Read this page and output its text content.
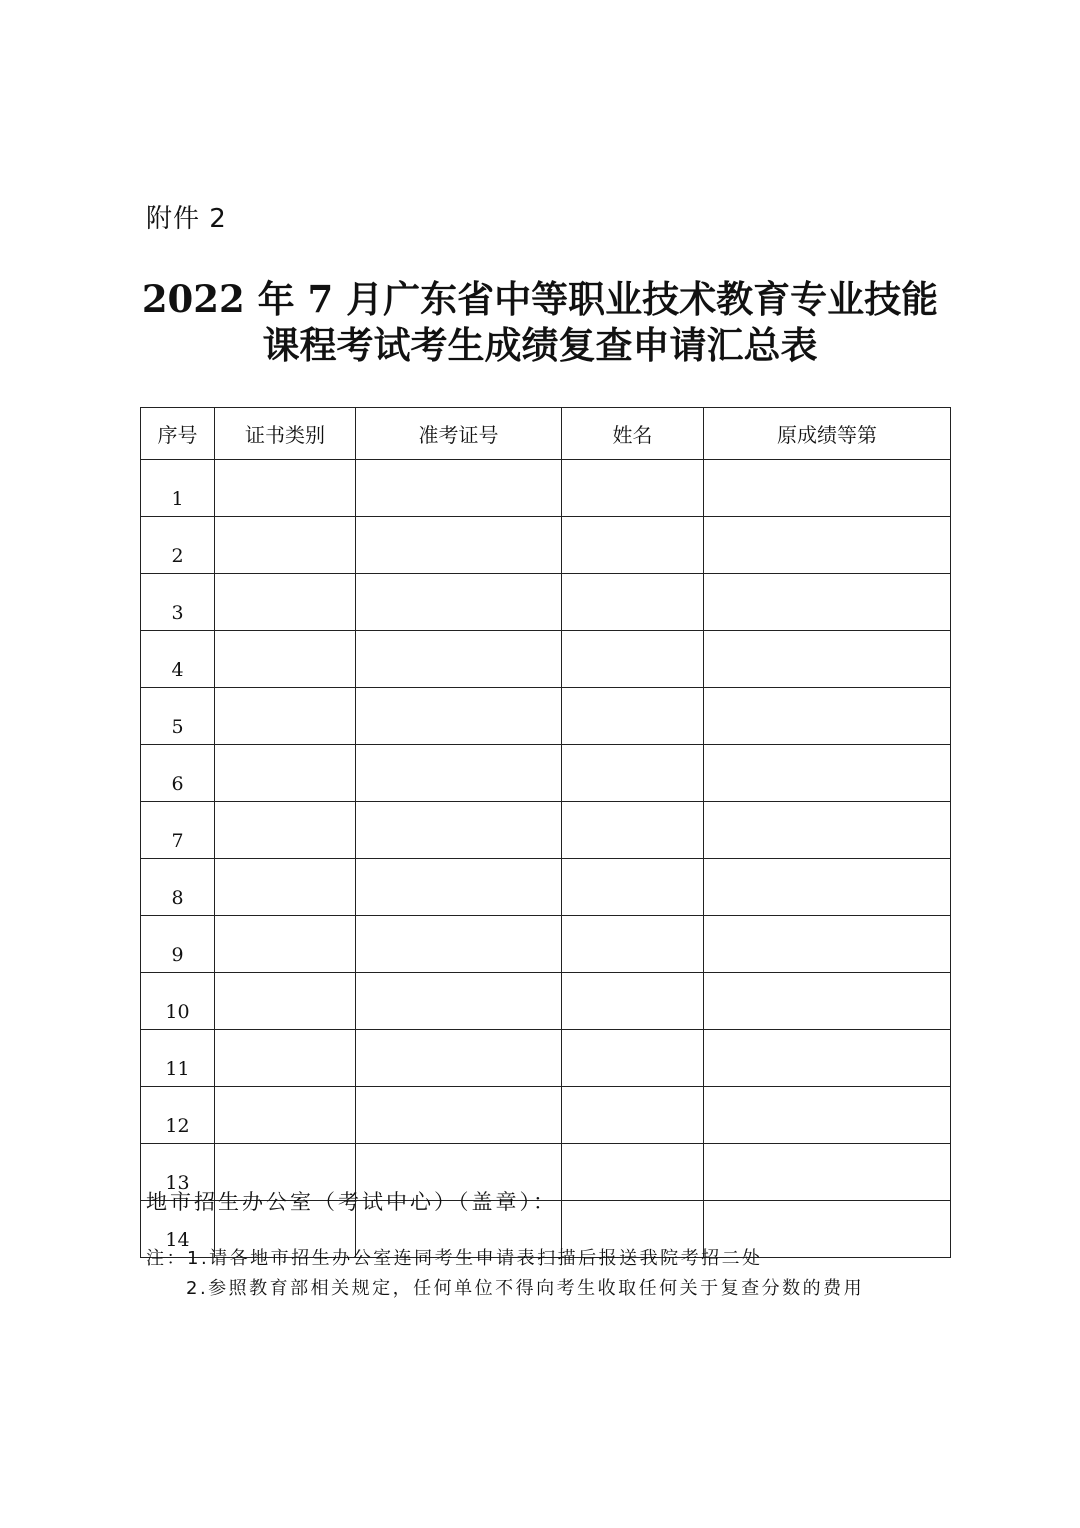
附件 2
2022 年 7 月广东省中等职业技术教育专业技能
课程考试考生成绩复查申请汇总表
序号	证书类别	准考证号	姓名	原成绩等第
1				
2				
3				
4				
5				
6				
7				
8				
9				
10				
11				
12				
13				
14				
地市招生办公室（考试中心）（盖章）：
注：1.请各地市招生办公室连同考生申请表扫描后报送我院考招二处
2.参照教育部相关规定，任何单位不得向考生收取任何关于复查分数的费用
